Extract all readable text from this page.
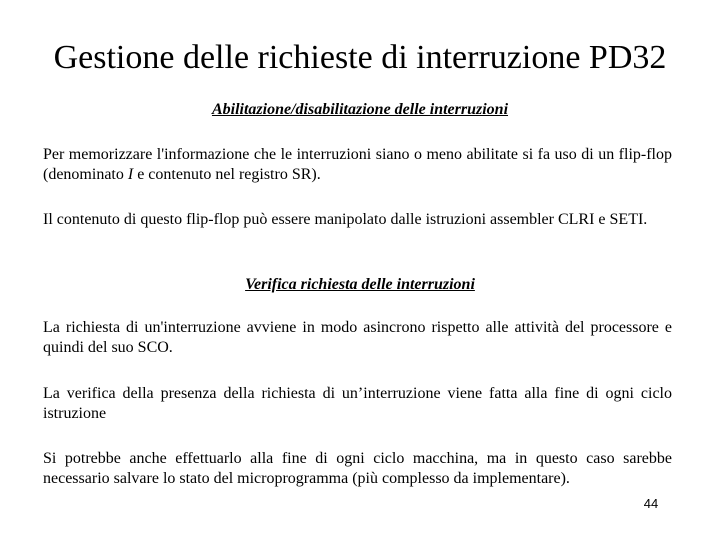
Gestione delle richieste di interruzione PD32
Abilitazione/disabilitazione delle interruzioni
Per memorizzare l'informazione che le interruzioni siano o meno abilitate si fa uso di un flip-flop (denominato I e contenuto nel registro SR).
Il contenuto di questo flip-flop può essere manipolato dalle istruzioni assembler CLRI e SETI.
Verifica richiesta delle interruzioni
La richiesta di un'interruzione avviene in modo asincrono rispetto alle attività del processore e quindi del suo SCO.
La verifica della presenza della richiesta di un’interruzione viene fatta alla fine di ogni ciclo istruzione
Si potrebbe anche effettuarlo alla fine di ogni ciclo macchina, ma in questo caso sarebbe necessario salvare lo stato del microprogramma (più complesso da implementare).
44
